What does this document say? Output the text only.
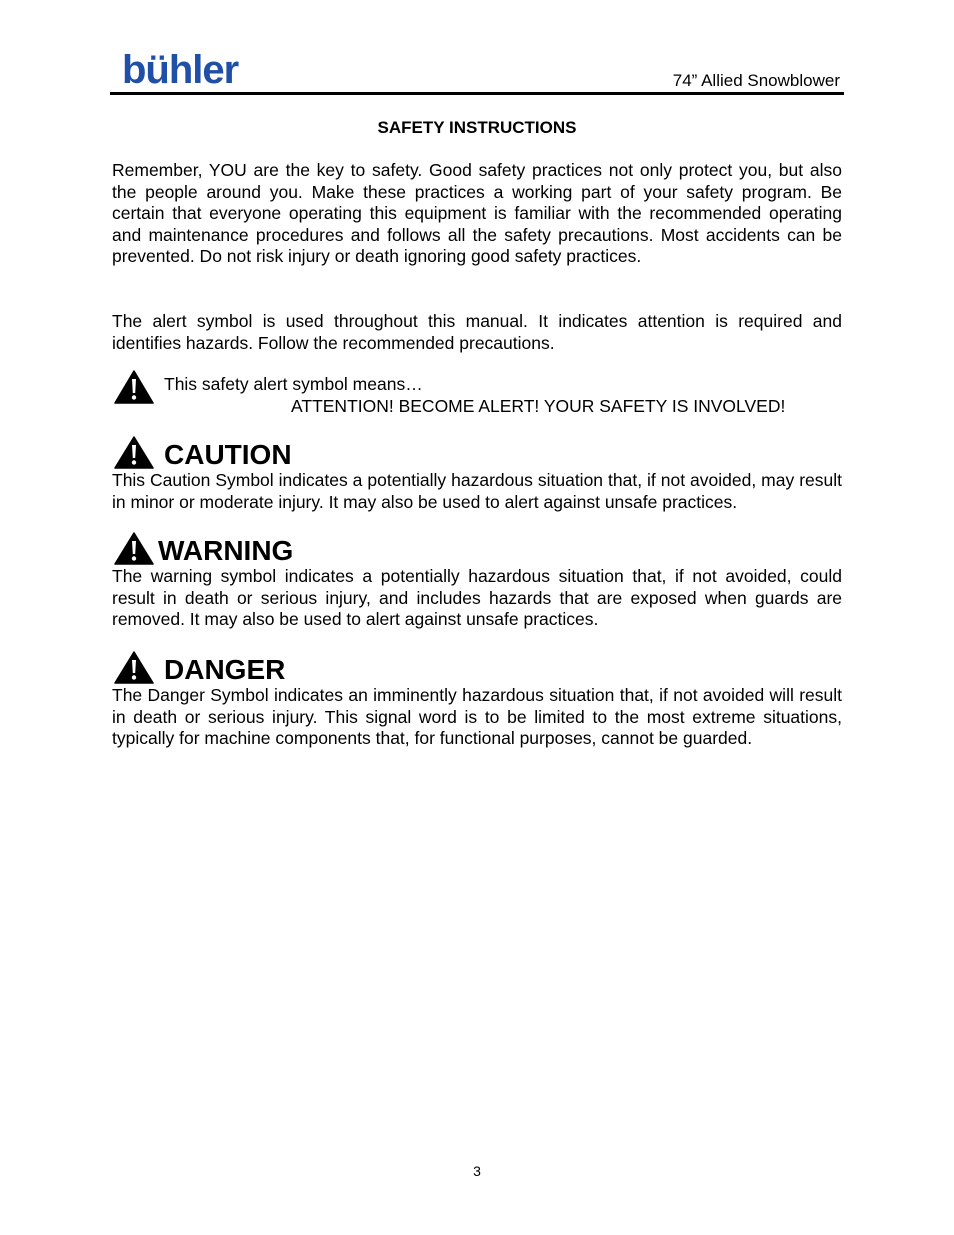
bühler	74” Allied Snowblower
SAFETY INSTRUCTIONS
Remember, YOU are the key to safety. Good safety practices not only protect you, but also the people around you. Make these practices a working part of your safety program. Be certain that everyone operating this equipment is familiar with the recommended operating and maintenance procedures and follows all the safety precautions. Most accidents can be prevented. Do not risk injury or death ignoring good safety practices.
The alert symbol is used throughout this manual. It indicates attention is required and identifies hazards. Follow the recommended precautions.
This safety alert symbol means…
ATTENTION! BECOME ALERT! YOUR SAFETY IS INVOLVED!
CAUTION
This Caution Symbol indicates a potentially hazardous situation that, if not avoided, may result in minor or moderate injury. It may also be used to alert against unsafe practices.
WARNING
The warning symbol indicates a potentially hazardous situation that, if not avoided, could result in death or serious injury, and includes hazards that are exposed when guards are removed. It may also be used to alert against unsafe practices.
DANGER
The Danger Symbol indicates an imminently hazardous situation that, if not avoided will result in death or serious injury. This signal word is to be limited to the most extreme situations, typically for machine components that, for functional purposes, cannot be guarded.
3
